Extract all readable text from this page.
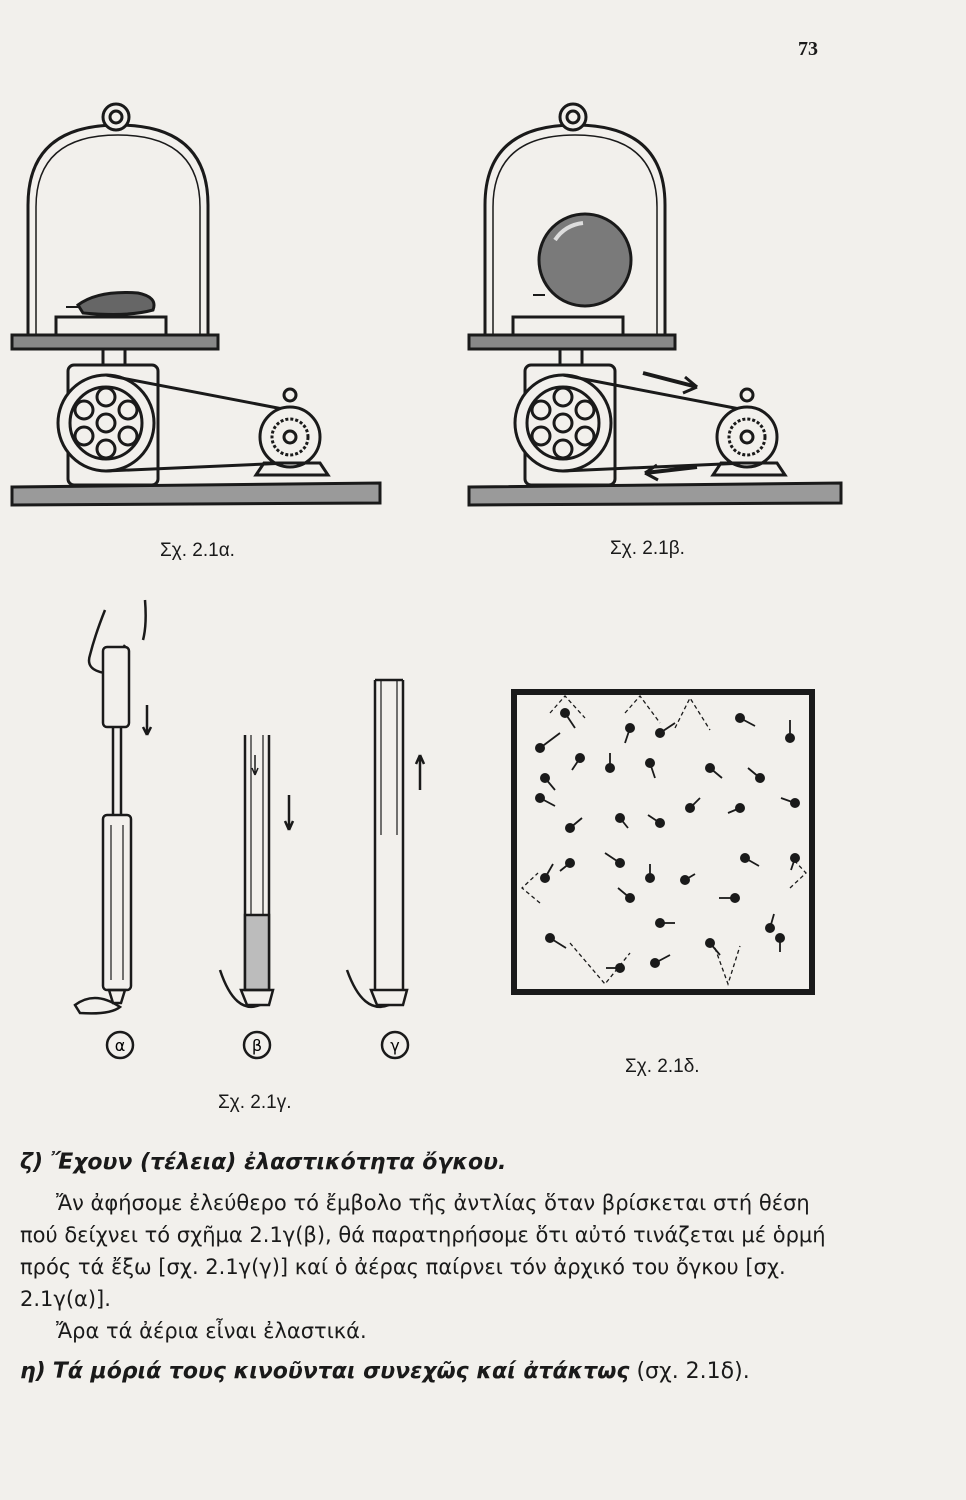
73
Σχ. 2.1α.	Σχ. 2.1β.
α	β	γ
Σχ. 2.1γ.
Σχ. 2.1δ.
ζ) Ἔχουν (τέλεια) ἐλαστικότητα ὄγκου.

Ἄν ἀφήσομε ἐλεύθερο τό ἔμβολο τῆς ἀντλίας ὅταν βρίσκεται στή θέση πού δείχνει τό σχῆμα 2.1γ(β), θά παρατηρήσομε ὅτι αὐτό τινάζεται μέ ὁρμή πρός τά ἔξω [σχ. 2.1γ(γ)] καί ὁ ἀέρας παίρνει τόν ἀρχικό του ὄγκου [σχ. 2.1γ(α)].

Ἄρα τά ἀέρια εἶναι ἐλαστικά.

η) Τά μόριά τους κινοῦνται συνεχῶς καί ἀτάκτως (σχ. 2.1δ).
